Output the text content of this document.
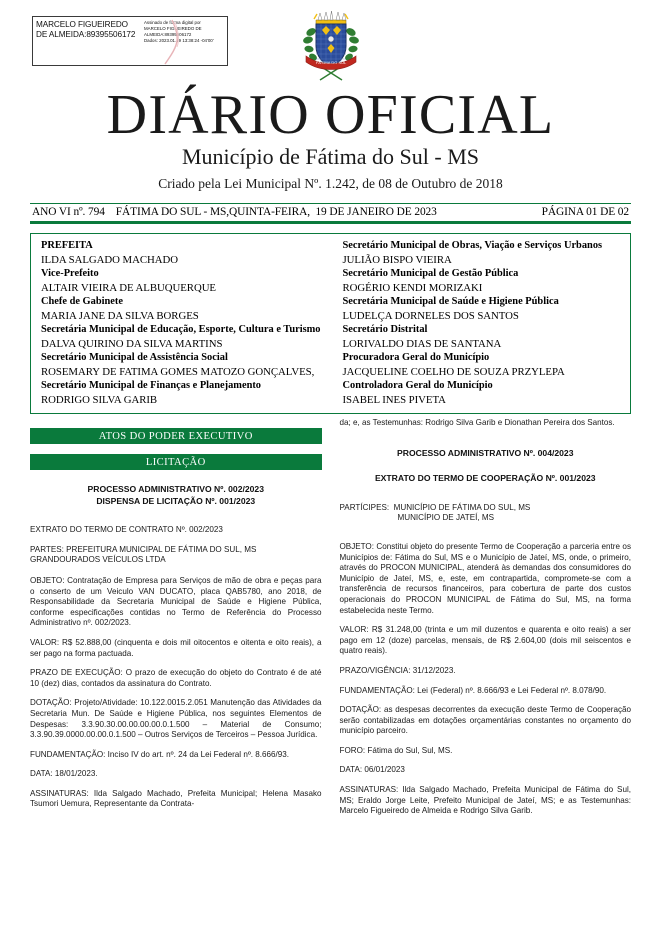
MARCELO FIGUEIREDO DE ALMEIDA:89395506172
Assinado de forma digital por
MARCELO FIGUEIREDO DE
ALMEIDA:89395506172
Dados: 2023.01.19 13:38:24 -04'00'
FÁTIMA DO SUL
DIÁRIO OFICIAL
Município de Fátima do Sul - MS
Criado pela Lei Municipal Nº. 1.242, de 08 de Outubro de 2018
ANO VI nº. 794    FÁTIMA DO SUL - MS,QUINTA-FEIRA,  19 DE JANEIRO DE 2023	PÁGINA 01 DE 02
PREFEITA
ILDA SALGADO MACHADO
Vice-Prefeito
ALTAIR VIEIRA DE ALBUQUERQUE
Chefe de Gabinete
MARIA JANE DA SILVA BORGES
Secretária Municipal de Educação, Esporte, Cultura e Turismo
DALVA QUIRINO DA SILVA MARTINS
Secretário Municipal de Assistência Social
ROSEMARY DE FATIMA GOMES MATOZO GONÇALVES,
Secretário Municipal de Finanças e Planejamento
RODRIGO SILVA GARIB
Secretário Municipal de Obras, Viação e Serviços Urbanos
JULIÃO BISPO VIEIRA
Secretário Municipal de Gestão Pública
ROGÉRIO KENDI MORIZAKI
Secretária Municipal de Saúde e Higiene Pública
LUDELÇA DORNELES DOS SANTOS
Secretário Distrital
LORIVALDO DIAS DE SANTANA
Procuradora Geral do Município
JACQUELINE COELHO DE SOUZA PRZYLEPA
Controladora Geral do Município
ISABEL INES PIVETA
ATOS DO PODER EXECUTIVO
LICITAÇÃO
PROCESSO ADMINISTRATIVO Nº. 002/2023
DISPENSA DE LICITAÇÃO Nº. 001/2023

EXTRATO DO TERMO DE CONTRATO Nº. 002/2023

PARTES: PREFEITURA MUNICIPAL DE FÁTIMA DO SUL, MS
GRANDOURADOS VEÍCULOS LTDA

OBJETO: Contratação de Empresa para Serviços de mão de obra e peças para o conserto de um Veiculo VAN DUCATO, placa QAB5780, ano 2018, de Responsabilidade da Secretaria Municipal de Saúde e Higiene Pública, conforme especificações contidas no Termo de Referência do Processo Administrativo nº. 002/2023.

VALOR: R$ 52.888,00 (cinquenta e dois mil oitocentos e oitenta e oito reais), a ser pago na forma pactuada.

PRAZO DE EXECUÇÃO: O prazo de execução do objeto do Contrato é de até 10 (dez) dias, contados da assinatura do Contrato.

DOTAÇÃO: Projeto/Atividade: 10.122.0015.2.051 Manutenção das Atividades da Secretaria Mun. De Saúde e Higiene Pública, nos seguintes Elementos de Despesas: 3.3.90.30.00.00.00.00.0.1.500 – Material de Consumo; 3.3.90.39.0000.00.00.0.1.500 – Outros Serviços de Terceiros – Pessoa Jurídica.

FUNDAMENTAÇÃO: Inciso IV do art. nº. 24 da Lei Federal nº. 8.666/93.

DATA: 18/01/2023.

ASSINATURAS: Ilda Salgado Machado, Prefeita Municipal; Helena Masako Tsumori Uemura, Representante da Contrata-

da; e, as Testemunhas: Rodrigo Silva Garib e Dionathan Pereira dos Santos.

PROCESSO ADMINISTRATIVO Nº. 004/2023
EXTRATO DO TERMO DE COOPERAÇÃO Nº. 001/2023
PARTÍCIPES:  MUNICÍPIO DE FÁTIMA DO SUL, MS
MUNICÍPIO DE JATEÍ, MS

OBJETO: Constitui objeto do presente Termo de Cooperação a parceria entre os Municípios de: Fátima do Sul, MS e o Município de Jateí, MS, onde, o primeiro, através do PROCON MUNICIPAL, atenderá às demandas dos consumidores do Município de Jateí, MS, e, este, em contrapartida, compromete-se com a transferência de recursos financeiros, para cobertura de parte dos custos operacionais do PROCON MUNICIPAL de Fátima do Sul, MS, na forma estabelecida neste Termo.

VALOR: R$ 31.248,00 (trinta e um mil duzentos e quarenta e oito reais) a ser pago em 12 (doze) parcelas, mensais, de R$ 2.604,00 (dois mil seiscentos e quatro reais).

PRAZO/VIGÊNCIA: 31/12/2023.

FUNDAMENTAÇÃO: Lei (Federal) nº. 8.666/93 e Lei Federal nº. 8.078/90.

DOTAÇÃO: as despesas decorrentes da execução deste Termo de Cooperação serão contabilizadas em dotações orçamentárias constantes no orçamento do município parceiro.

FORO: Fátima do Sul, Sul, MS.

DATA: 06/01/2023

ASSINATURAS: Ilda Salgado Machado, Prefeita Municipal de Fátima do Sul, MS; Eraldo Jorge Leite, Prefeito Municipal de Jateí, MS; e as Testemunhas: Marcelo Figueiredo de Almeida e Rodrigo Silva Garib.
